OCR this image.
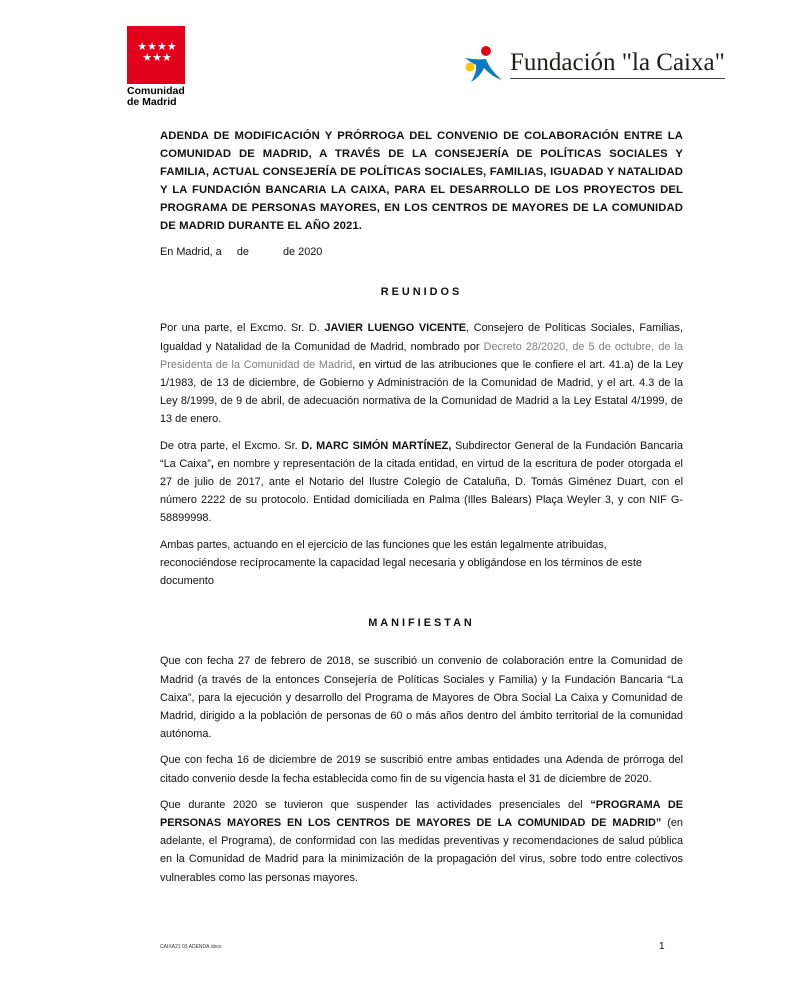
★★★★
★★★
Comunidad
de Madrid
Fundación "la Caixa"
ADENDA DE MODIFICACIÓN Y PRÓRROGA DEL CONVENIO DE COLABORACIÓN ENTRE LA COMUNIDAD DE MADRID, A TRAVÉS DE LA CONSEJERÍA DE POLÍTICAS SOCIALES Y FAMILIA, ACTUAL CONSEJERÍA DE POLÍTICAS SOCIALES, FAMILIAS, IGUADAD Y NATALIDAD Y LA FUNDACIÓN BANCARIA LA CAIXA, PARA EL DESARROLLO DE LOS PROYECTOS DEL PROGRAMA DE PERSONAS MAYORES, EN LOS CENTROS DE MAYORES DE LA COMUNIDAD DE MADRID DURANTE EL AÑO 2021.
En Madrid, a de	de 2020
REUNIDOS

Por una parte, el Excmo. Sr. D. JAVIER LUENGO VICENTE, Consejero de Políticas Sociales, Familias, Igualdad y Natalidad de la Comunidad de Madrid, nombrado por Decreto 28/2020, de 5 de octubre, de la Presidenta de la Comunidad de Madrid, en virtud de las atribuciones que le confiere el art. 41.a) de la Ley 1/1983, de 13 de diciembre, de Gobierno y Administración de la Comunidad de Madrid, y el art. 4.3 de la Ley 8/1999, de 9 de abril, de adecuación normativa de la Comunidad de Madrid a la Ley Estatal 4/1999, de 13 de enero.

De otra parte, el Excmo. Sr. D. MARC SIMÓN MARTÍNEZ, Subdirector General de la Fundación Bancaria “La Caixa”, en nombre y representación de la citada entidad, en virtud de la escritura de poder otorgada el 27 de julio de 2017, ante el Notario del Ilustre Colegio de Cataluña, D. Tomás Giménez Duart, con el número 2222 de su protocolo. Entidad domiciliada en Palma (Illes Balears) Plaça Weyler 3, y con NIF G-58899998.

Ambas partes, actuando en el ejercicio de las funciones que les están legalmente atribuidas, reconociéndose recíprocamente la capacidad legal necesaria y obligándose en los términos de este documento

MANIFIESTAN

Que con fecha 27 de febrero de 2018, se suscribió un convenio de colaboración entre la Comunidad de Madrid (a través de la entonces Consejería de Políticas Sociales y Familia) y la Fundación Bancaria “La Caixa”, para la ejecución y desarrollo del Programa de Mayores de Obra Social La Caixa y Comunidad de Madrid, dirigido a la población de personas de 60 o más años dentro del ámbito territorial de la comunidad autónoma.

Que con fecha 16 de diciembre de 2019 se suscribió entre ambas entidades una Adenda de prórroga del citado convenio desde la fecha establecida como fin de su vigencia hasta el 31 de diciembre de 2020.

Que durante 2020 se tuvieron que suspender las actividades presenciales del “PROGRAMA DE PERSONAS MAYORES EN LOS CENTROS DE MAYORES DE LA COMUNIDAD DE MADRID” (en adelante, el Programa), de conformidad con las medidas preventivas y recomendaciones de salud pública en la Comunidad de Madrid para la minimización de la propagación del virus, sobre todo entre colectivos vulnerables como las personas mayores.

CAIXA21 03 ADENDA.docx	1
